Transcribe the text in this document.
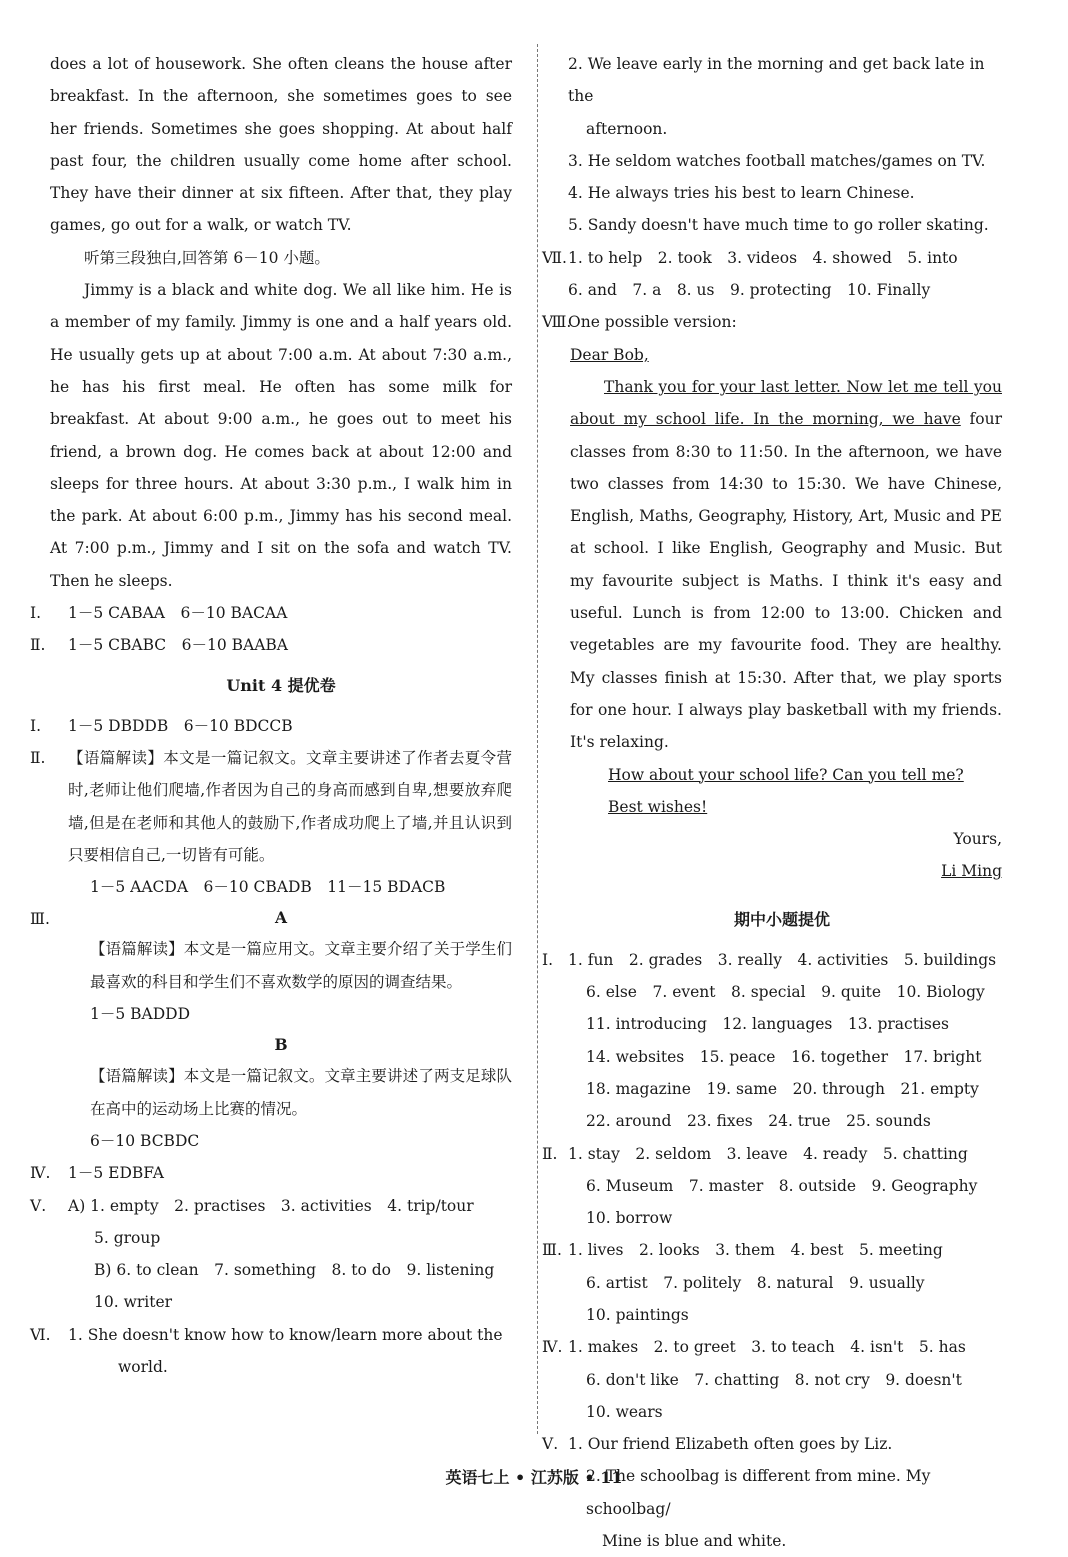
does a lot of housework. She often cleans the house after breakfast. In the afternoon, she sometimes goes to see her friends. Sometimes she goes shopping. At about half past four, the children usually come home after school. They have their dinner at six fifteen. After that, they play games, go out for a walk, or watch TV.

听第三段独白,回答第 6－10 小题。

Jimmy is a black and white dog. We all like him. He is a member of my family. Jimmy is one and a half years old. He usually gets up at about 7:00 a.m. At about 7:30 a.m., he has his first meal. He often has some milk for breakfast. At about 9:00 a.m., he goes out to meet his friend, a brown dog. He comes back at about 12:00 and sleeps for three hours. At about 3:30 p.m., I walk him in the park. At about 6:00 p.m., Jimmy has his second meal. At 7:00 p.m., Jimmy and I sit on the sofa and watch TV. Then he sleeps.

Ⅰ. 1－5 CABAA　6－10 BACAA
Ⅱ. 1－5 CBABC　6－10 BAABA
Unit 4 提优卷
Ⅰ. 1－5 DBDDB　6－10 BDCCB
Ⅱ.	【语篇解读】本文是一篇记叙文。文章主要讲述了作者去夏令营时,老师让他们爬墙,作者因为自己的身高而感到自卑,想要放弃爬墙,但是在老师和其他人的鼓励下,作者成功爬上了墙,并且认识到只要相信自己,一切皆有可能。

1－5 AACDA　6－10 CBADB　11－15 BDACB

Ⅲ.	A

【语篇解读】本文是一篇应用文。文章主要介绍了关于学生们最喜欢的科目和学生们不喜欢数学的原因的调查结果。

1－5 BADDD

B

【语篇解读】本文是一篇记叙文。文章主要讲述了两支足球队在高中的运动场上比赛的情况。

6－10 BCBDC

Ⅳ. 1－5 EDBFA
Ⅴ. A) 1. empty　2. practises　3. activities　4. trip/tour

5. group

B) 6. to clean　7. something　8. to do　9. listening

10. writer

Ⅵ. 1. She doesn't know how to know/learn more about the

world.

2. We leave early in the morning and get back late in the

afternoon.

3. He seldom watches football matches/games on TV.

4. He always tries his best to learn Chinese.

5. Sandy doesn't have much time to go roller skating.

Ⅶ. 1. to help　2. took　3. videos　4. showed　5. into

6. and　7. a　8. us　9. protecting　10. Finally

Ⅷ.
One possible version:

Dear Bob,

Thank you for your last letter. Now let me tell you about my school life. In the morning, we have four classes from 8:30 to 11:50. In the afternoon, we have two classes from 14:30 to 15:30. We have Chinese, English, Maths, Geography, History, Art, Music and PE at school. I like English, Geography and Music. But my favourite subject is Maths. I think it's easy and useful. Lunch is from 12:00 to 13:00. Chicken and vegetables are my favourite food. They are healthy. My classes finish at 15:30. After that, we play sports for one hour. I always play basketball with my friends. It's relaxing.

How about your school life? Can you tell me?

Best wishes!

Yours,

Li Ming

期中小题提优
Ⅰ. 1. fun　2. grades　3. really　4. activities　5. buildings

6. else　7. event　8. special　9. quite　10. Biology

11. introducing　12. languages　13. practises

14. websites　15. peace　16. together　17. bright

18. magazine　19. same　20. through　21. empty

22. around　23. fixes　24. true　25. sounds

Ⅱ. 1. stay　2. seldom　3. leave　4. ready　5. chatting

6. Museum　7. master　8. outside　9. Geography

10. borrow

Ⅲ. 1. lives　2. looks　3. them　4. best　5. meeting

6. artist　7. politely　8. natural　9. usually

10. paintings

Ⅳ. 1. makes　2. to greet　3. to teach　4. isn't　5. has

6. don't like　7. chatting　8. not cry　9. doesn't

10. wears

Ⅴ. 1. Our friend Elizabeth often goes by Liz.

2. The schoolbag is different from mine. My schoolbag/

Mine is blue and white.

英语七上 • 江苏版 • 11
